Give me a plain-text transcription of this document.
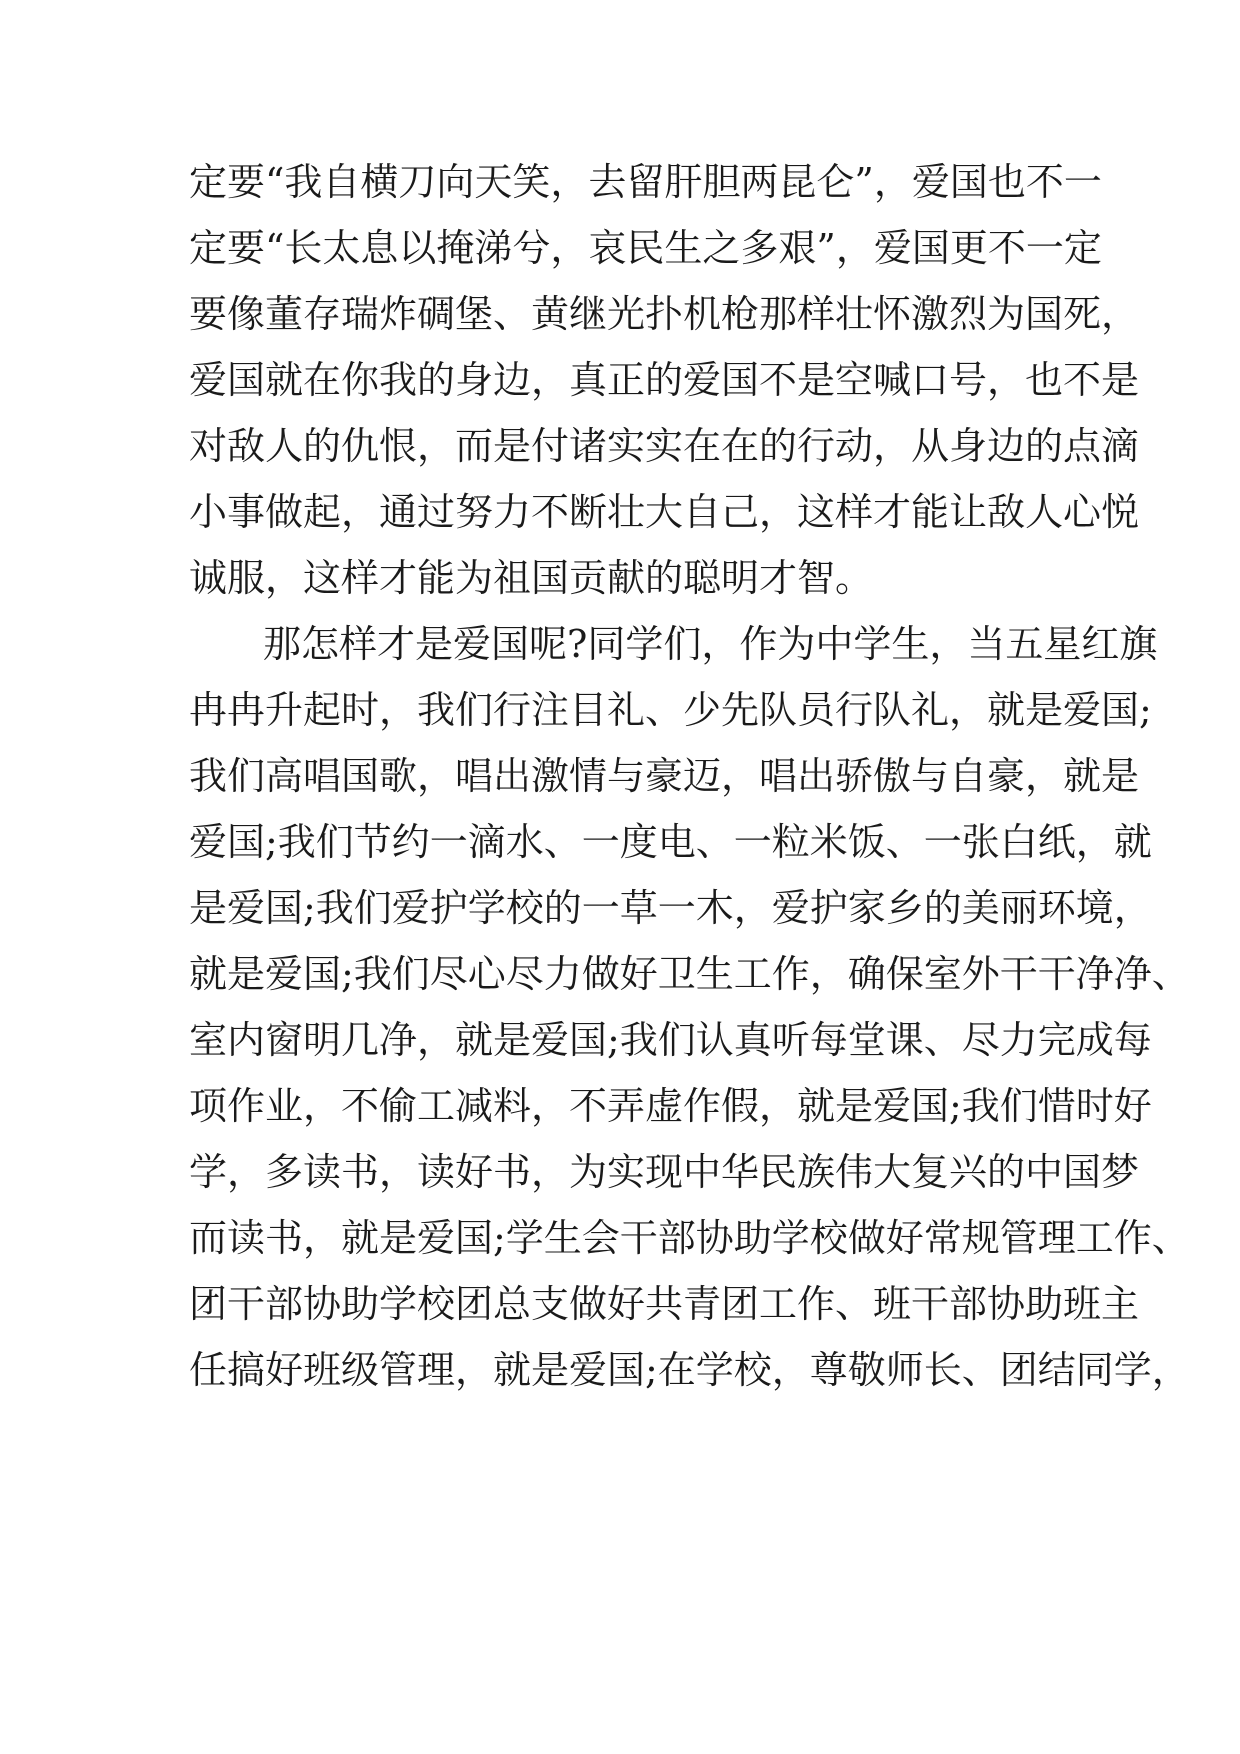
定要“我自横刀向天笑，去留肝胆两昆仑”，爱国也不一
定要“长太息以掩涕兮，哀民生之多艰”，爱国更不一定
要像董存瑞炸碉堡、黄继光扑机枪那样壮怀激烈为国死，
爱国就在你我的身边，真正的爱国不是空喊口号，也不是
对敌人的仇恨，而是付诸实实在在的行动，从身边的点滴
小事做起，通过努力不断壮大自己，这样才能让敌人心悦
诚服，这样才能为祖国贡献的聪明才智。
那怎样才是爱国呢?同学们，作为中学生，当五星红旗
冉冉升起时，我们行注目礼、少先队员行队礼，就是爱国;
我们高唱国歌，唱出激情与豪迈，唱出骄傲与自豪，就是
爱国;我们节约一滴水、一度电、一粒米饭、一张白纸，就
是爱国;我们爱护学校的一草一木，爱护家乡的美丽环境，
就是爱国;我们尽心尽力做好卫生工作，确保室外干干净净、
室内窗明几净，就是爱国;我们认真听每堂课、尽力完成每
项作业，不偷工减料，不弄虚作假，就是爱国;我们惜时好
学，多读书，读好书，为实现中华民族伟大复兴的中国梦
而读书，就是爱国;学生会干部协助学校做好常规管理工作、
团干部协助学校团总支做好共青团工作、班干部协助班主
任搞好班级管理，就是爱国;在学校，尊敬师长、团结同学，
